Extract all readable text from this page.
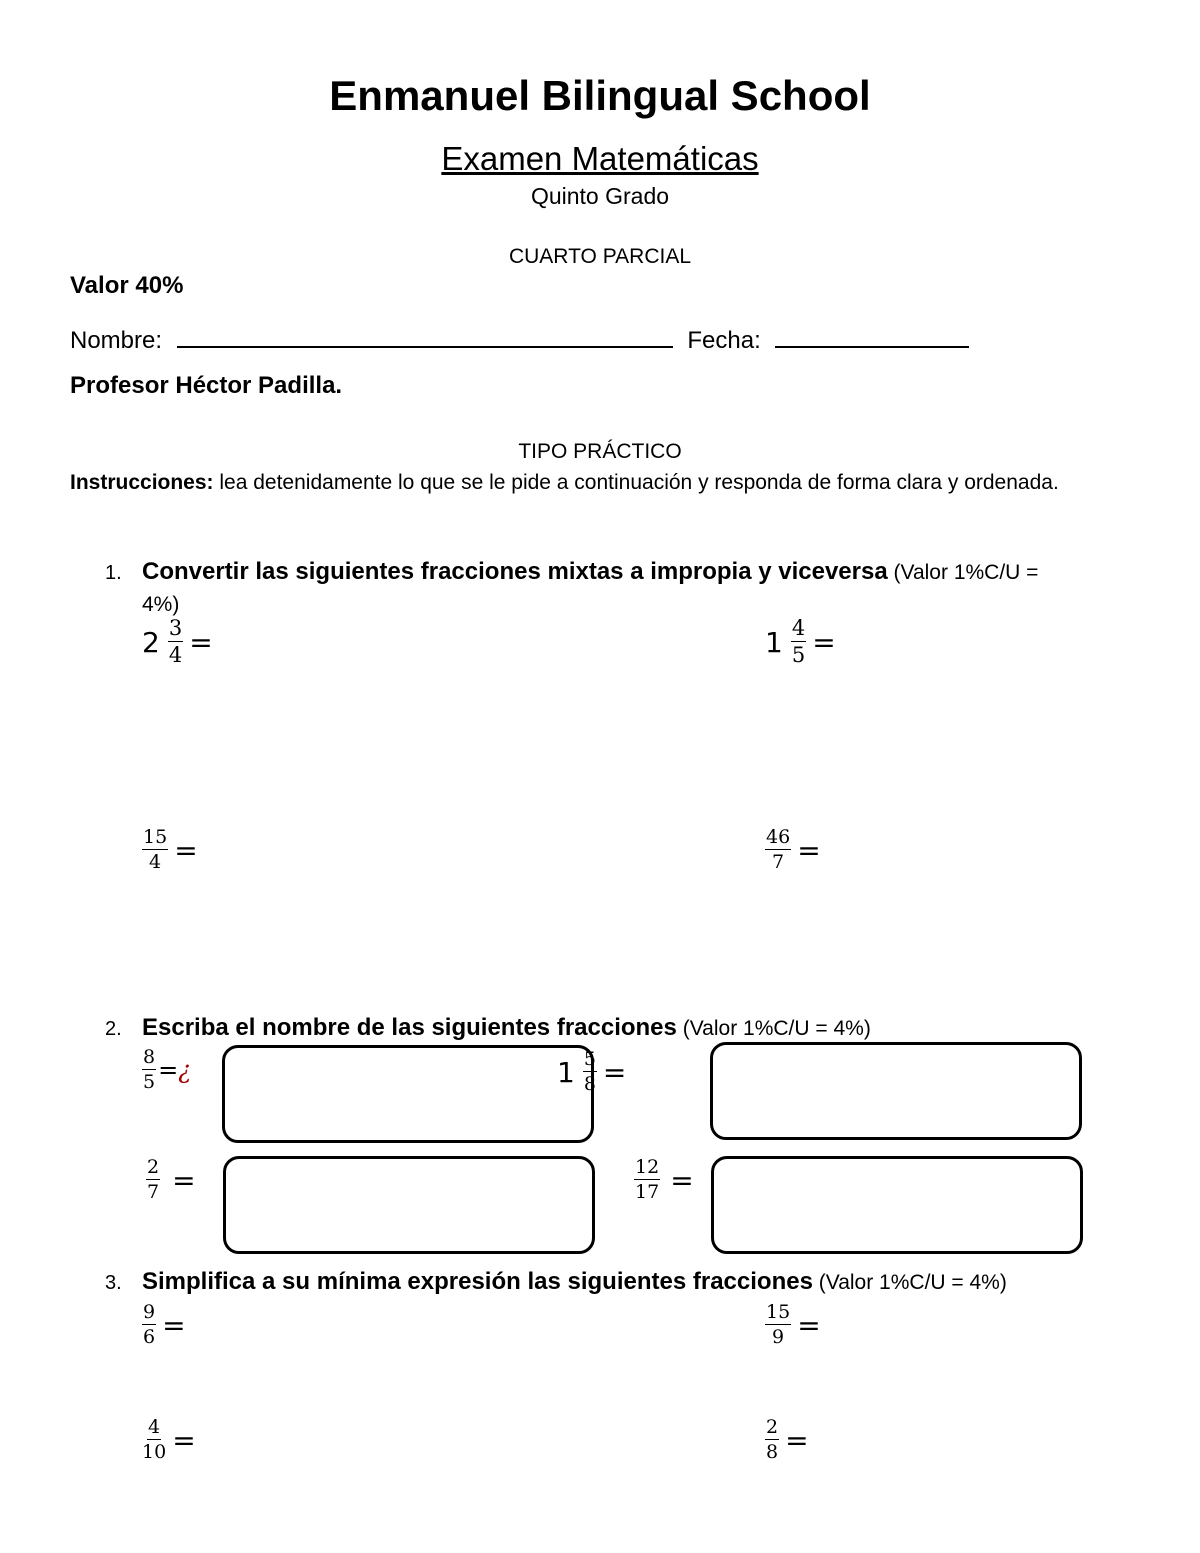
Enmanuel Bilingual School
Examen Matemáticas
Quinto Grado
CUARTO PARCIAL
Valor 40%
Nombre:	Fecha:
Profesor Héctor Padilla.
TIPO PRÁCTICO
Instrucciones: lea detenidamente lo que se le pide a continuación y responda de forma clara y ordenada.
1. Convertir las siguientes fracciones mixtas a impropia y viceversa (Valor 1%C/U =
4%)
$2 \frac{3}{4}$ =	$1 \frac{4}{5}$ =
$\frac{15}{4}$ =	$\frac{46}{7}$ =
2. Escriba el nombre de las siguientes fracciones (Valor 1%C/U = 4%)
$\frac{8}{5}$ = ¿	$1 \frac{5}{8}$ =
$\frac{2}{7}$ =	$\frac{12}{17}$ =
3. Simplifica a su mínima expresión las siguientes fracciones (Valor 1%C/U = 4%)
$\frac{9}{6}$ =	$\frac{15}{9}$ =
$\frac{4}{10}$ =	$\frac{2}{8}$ =
